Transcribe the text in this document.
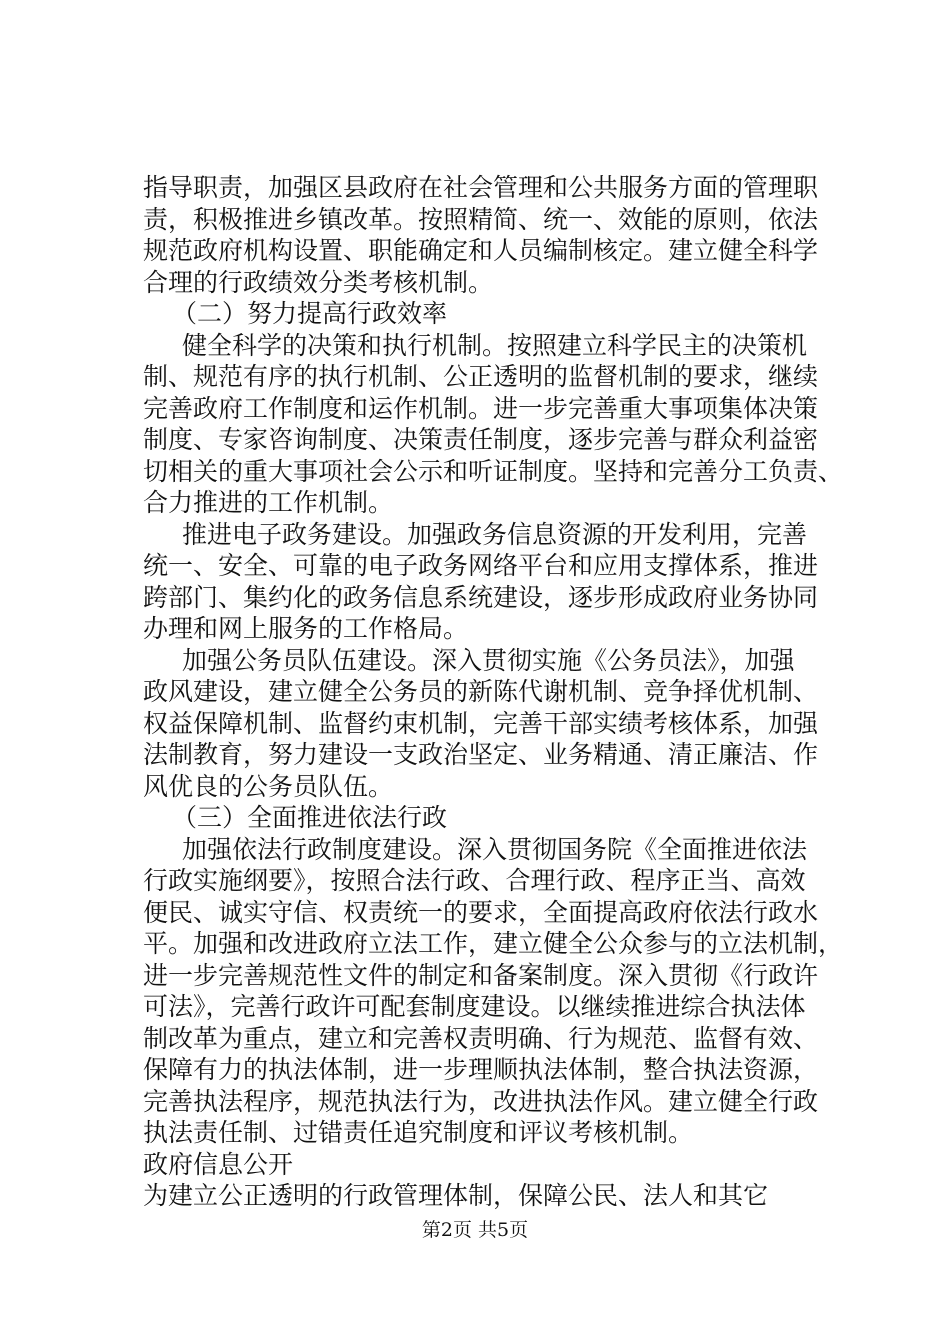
指导职责，加强区县政府在社会管理和公共服务方面的管理职
责，积极推进乡镇改革。按照精简、统一、效能的原则，依法
规范政府机构设置、职能确定和人员编制核定。建立健全科学
合理的行政绩效分类考核机制。
（二）努力提高行政效率
健全科学的决策和执行机制。按照建立科学民主的决策机
制、规范有序的执行机制、公正透明的监督机制的要求，继续
完善政府工作制度和运作机制。进一步完善重大事项集体决策
制度、专家咨询制度、决策责任制度，逐步完善与群众利益密
切相关的重大事项社会公示和听证制度。坚持和完善分工负责、
合力推进的工作机制。
推进电子政务建设。加强政务信息资源的开发利用，完善
统一、安全、可靠的电子政务网络平台和应用支撑体系，推进
跨部门、集约化的政务信息系统建设，逐步形成政府业务协同
办理和网上服务的工作格局。
加强公务员队伍建设。深入贯彻实施《公务员法》，加强
政风建设，建立健全公务员的新陈代谢机制、竞争择优机制、
权益保障机制、监督约束机制，完善干部实绩考核体系，加强
法制教育，努力建设一支政治坚定、业务精通、清正廉洁、作
风优良的公务员队伍。
（三）全面推进依法行政
加强依法行政制度建设。深入贯彻国务院《全面推进依法
行政实施纲要》，按照合法行政、合理行政、程序正当、高效
便民、诚实守信、权责统一的要求，全面提高政府依法行政水
平。加强和改进政府立法工作，建立健全公众参与的立法机制，
进一步完善规范性文件的制定和备案制度。深入贯彻《行政许
可法》，完善行政许可配套制度建设。以继续推进综合执法体
制改革为重点，建立和完善权责明确、行为规范、监督有效、
保障有力的执法体制，进一步理顺执法体制，整合执法资源，
完善执法程序，规范执法行为，改进执法作风。建立健全行政
执法责任制、过错责任追究制度和评议考核机制。
政府信息公开
为建立公正透明的行政管理体制，保障公民、法人和其它
第2页 共5页
